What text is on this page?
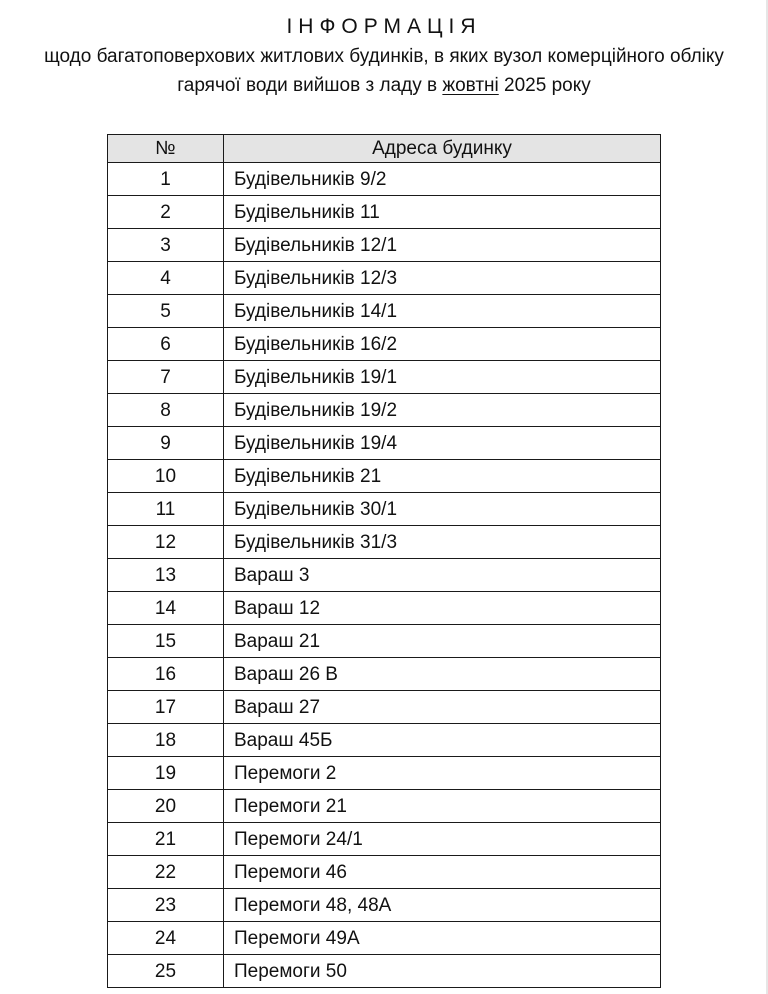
ІНФОРМАЦІЯ
щодо багатоповерхових житлових будинків, в яких вузол комерційного обліку
гарячої води вийшов з ладу в жовтні 2025 року
№	Адреса будинку
1	Будівельників 9/2
2	Будівельників 11
3	Будівельників 12/1
4	Будівельників 12/3
5	Будівельників 14/1
6	Будівельників 16/2
7	Будівельників 19/1
8	Будівельників 19/2
9	Будівельників 19/4
10	Будівельників 21
11	Будівельників 30/1
12	Будівельників 31/3
13	Вараш 3
14	Вараш 12
15	Вараш 21
16	Вараш 26 В
17	Вараш 27
18	Вараш 45Б
19	Перемоги 2
20	Перемоги 21
21	Перемоги 24/1
22	Перемоги 46
23	Перемоги 48, 48А
24	Перемоги 49А
25	Перемоги 50
